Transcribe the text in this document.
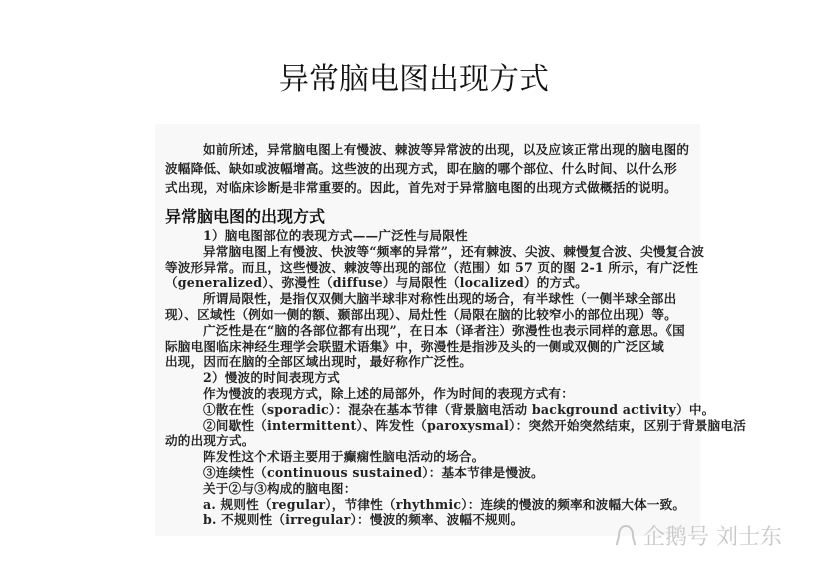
异常脑电图出现方式
如前所述，异常脑电图上有慢波、棘波等异常波的出现，以及应该正常出现的脑电图的
波幅降低、缺如或波幅增高。这些波的出现方式，即在脑的哪个部位、什么时间、以什么形
式出现，对临床诊断是非常重要的。因此，首先对于异常脑电图的出现方式做概括的说明。
异常脑电图的出现方式
1）脑电图部位的表现方式——广泛性与局限性
异常脑电图上有慢波、快波等“频率的异常”，还有棘波、尖波、棘慢复合波、尖慢复合波
等波形异常。而且，这些慢波、棘波等出现的部位（范围）如 57 页的图 2-1 所示，有广泛性
（generalized）、弥漫性（diffuse）与局限性（localized）的方式。
所谓局限性，是指仅双侧大脑半球非对称性出现的场合，有半球性（一侧半球全部出
现）、区域性（例如一侧的额、颞部出现）、局灶性（局限在脑的比较窄小的部位出现）等。
广泛性是在“脑的各部位都有出现”，在日本（译者注）弥漫性也表示同样的意思。《国
际脑电图临床神经生理学会联盟术语集》中，弥漫性是指涉及头的一侧或双侧的广泛区域
出现，因而在脑的全部区域出现时，最好称作广泛性。
2）慢波的时间表现方式
作为慢波的表现方式，除上述的局部外，作为时间的表现方式有：
①散在性（sporadic）：混杂在基本节律（背景脑电活动 background activity）中。
②间歇性（intermittent）、阵发性（paroxysmal）：突然开始突然结束，区别于背景脑电活
动的出现方式。
阵发性这个术语主要用于癫痫性脑电活动的场合。
③连续性（continuous sustained）：基本节律是慢波。
关于②与③构成的脑电图：
a. 规则性（regular），节律性（rhythmic）：连续的慢波的频率和波幅大体一致。
b. 不规则性（irregular）：慢波的频率、波幅不规则。
企鹅号 刘士东
